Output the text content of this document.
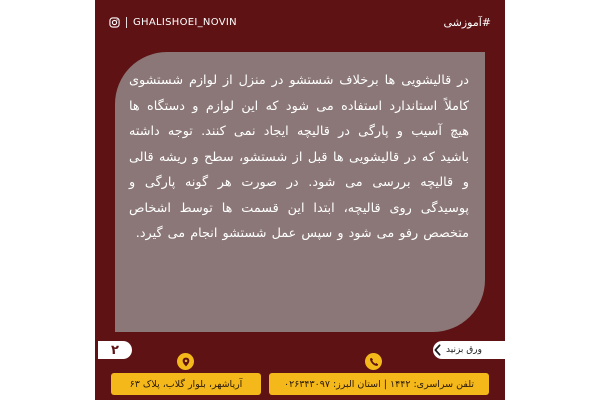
GHALISHOEI_NOVIN	#آموزشی

در قالیشویی ها برخلاف شستشو در منزل از لوازم شستشوی کاملاً استاندارد استفاده می شود که این لوازم و دستگاه ها هیچ آسیب و پارگی در قالیچه ایجاد نمی کنند. توجه داشته باشید که در قالیشویی ها قبل از شستشو، سطح و ریشه قالی و قالیچه بررسی می شود. در صورت هر گونه پارگی و پوسیدگی روی قالیچه، ابتدا این قسمت ها توسط اشخاص متخصص رفو می شود و سپس عمل شستشو انجام می گیرد.

۲	ورق بزنید
آریاشهر، بلوار گلاب، پلاک ۶۳	تلفن سراسری: ۱۴۴۲ | استان البرز: ۰۲۶۳۴۳۰۹۷
